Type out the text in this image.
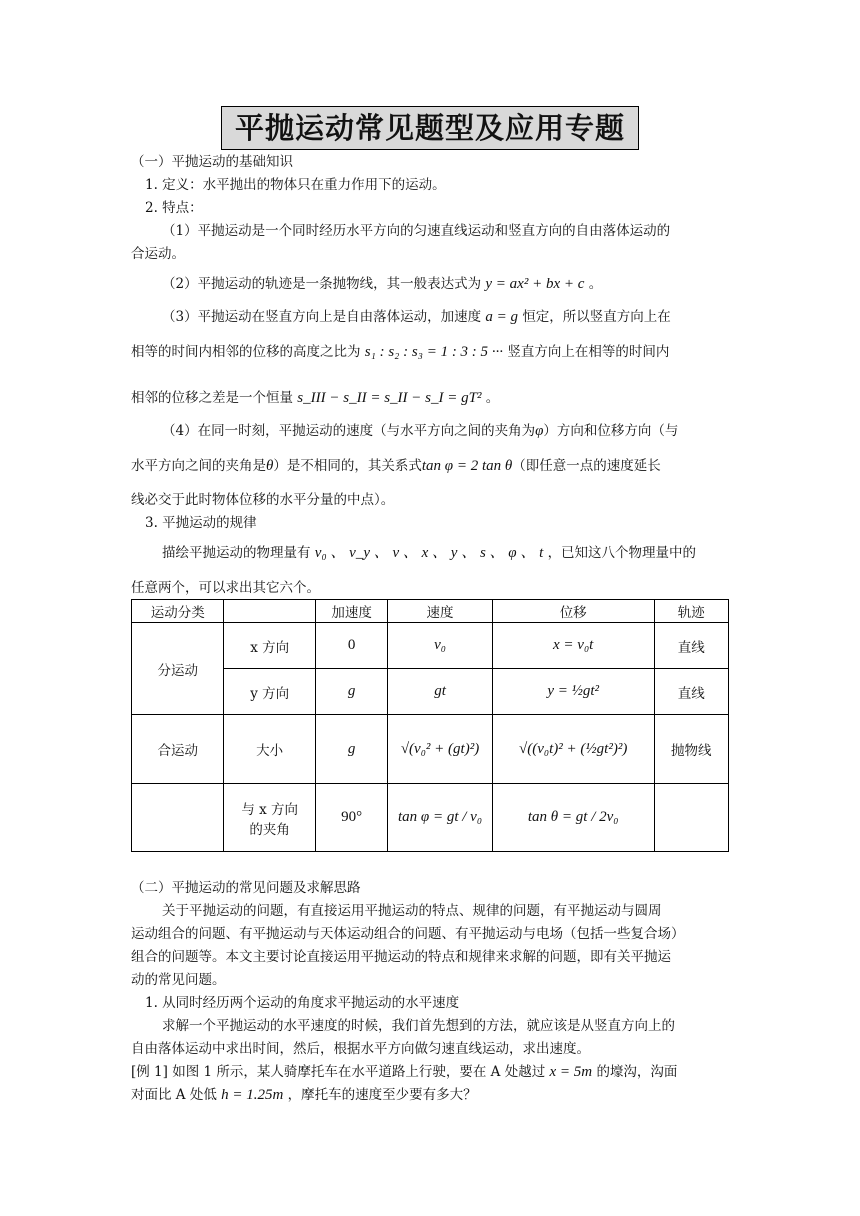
平抛运动常见题型及应用专题
（一）平抛运动的基础知识
1. 定义：水平抛出的物体只在重力作用下的运动。
2. 特点：
（1）平抛运动是一个同时经历水平方向的匀速直线运动和竖直方向的自由落体运动的
合运动。
（2）平抛运动的轨迹是一条抛物线，其一般表达式为 y = ax² + bx + c 。
（3）平抛运动在竖直方向上是自由落体运动，加速度 a = g 恒定，所以竖直方向上在
相等的时间内相邻的位移的高度之比为 s₁ : s₂ : s₃ = 1 : 3 : 5 ··· 竖直方向上在相等的时间内
相邻的位移之差是一个恒量 s_III − s_II = s_II − s_I = gT² 。
（4）在同一时刻，平抛运动的速度（与水平方向之间的夹角为φ）方向和位移方向（与
水平方向之间的夹角是θ）是不相同的，其关系式tan φ = 2 tan θ（即任意一点的速度延长
线必交于此时物体位移的水平分量的中点）。
3. 平抛运动的规律
描绘平抛运动的物理量有 v₀ 、 v_y 、 v 、 x 、 y 、 s 、 φ 、 t ，已知这八个物理量中的
任意两个，可以求出其它六个。
运动分类		加速度	速度	位移	轨迹
分运动	x 方向	0	v₀	x = v₀t	直线
	y 方向	g	gt	y = ½gt²	直线
合运动	大小	g	√(v₀² + (gt)²)	√((v₀t)² + (½gt²)²)	抛物线
	与 x 方向
的夹角	90°	tan φ = gt / v₀	tan θ = gt / 2v₀	
（二）平抛运动的常见问题及求解思路
关于平抛运动的问题，有直接运用平抛运动的特点、规律的问题，有平抛运动与圆周
运动组合的问题、有平抛运动与天体运动组合的问题、有平抛运动与电场（包括一些复合场）
组合的问题等。本文主要讨论直接运用平抛运动的特点和规律来求解的问题，即有关平抛运
动的常见问题。
1. 从同时经历两个运动的角度求平抛运动的水平速度
求解一个平抛运动的水平速度的时候，我们首先想到的方法，就应该是从竖直方向上的
自由落体运动中求出时间，然后，根据水平方向做匀速直线运动，求出速度。
[例 1] 如图 1 所示，某人骑摩托车在水平道路上行驶，要在 A 处越过 x = 5m 的壕沟，沟面
对面比 A 处低 h = 1.25m ，摩托车的速度至少要有多大？
